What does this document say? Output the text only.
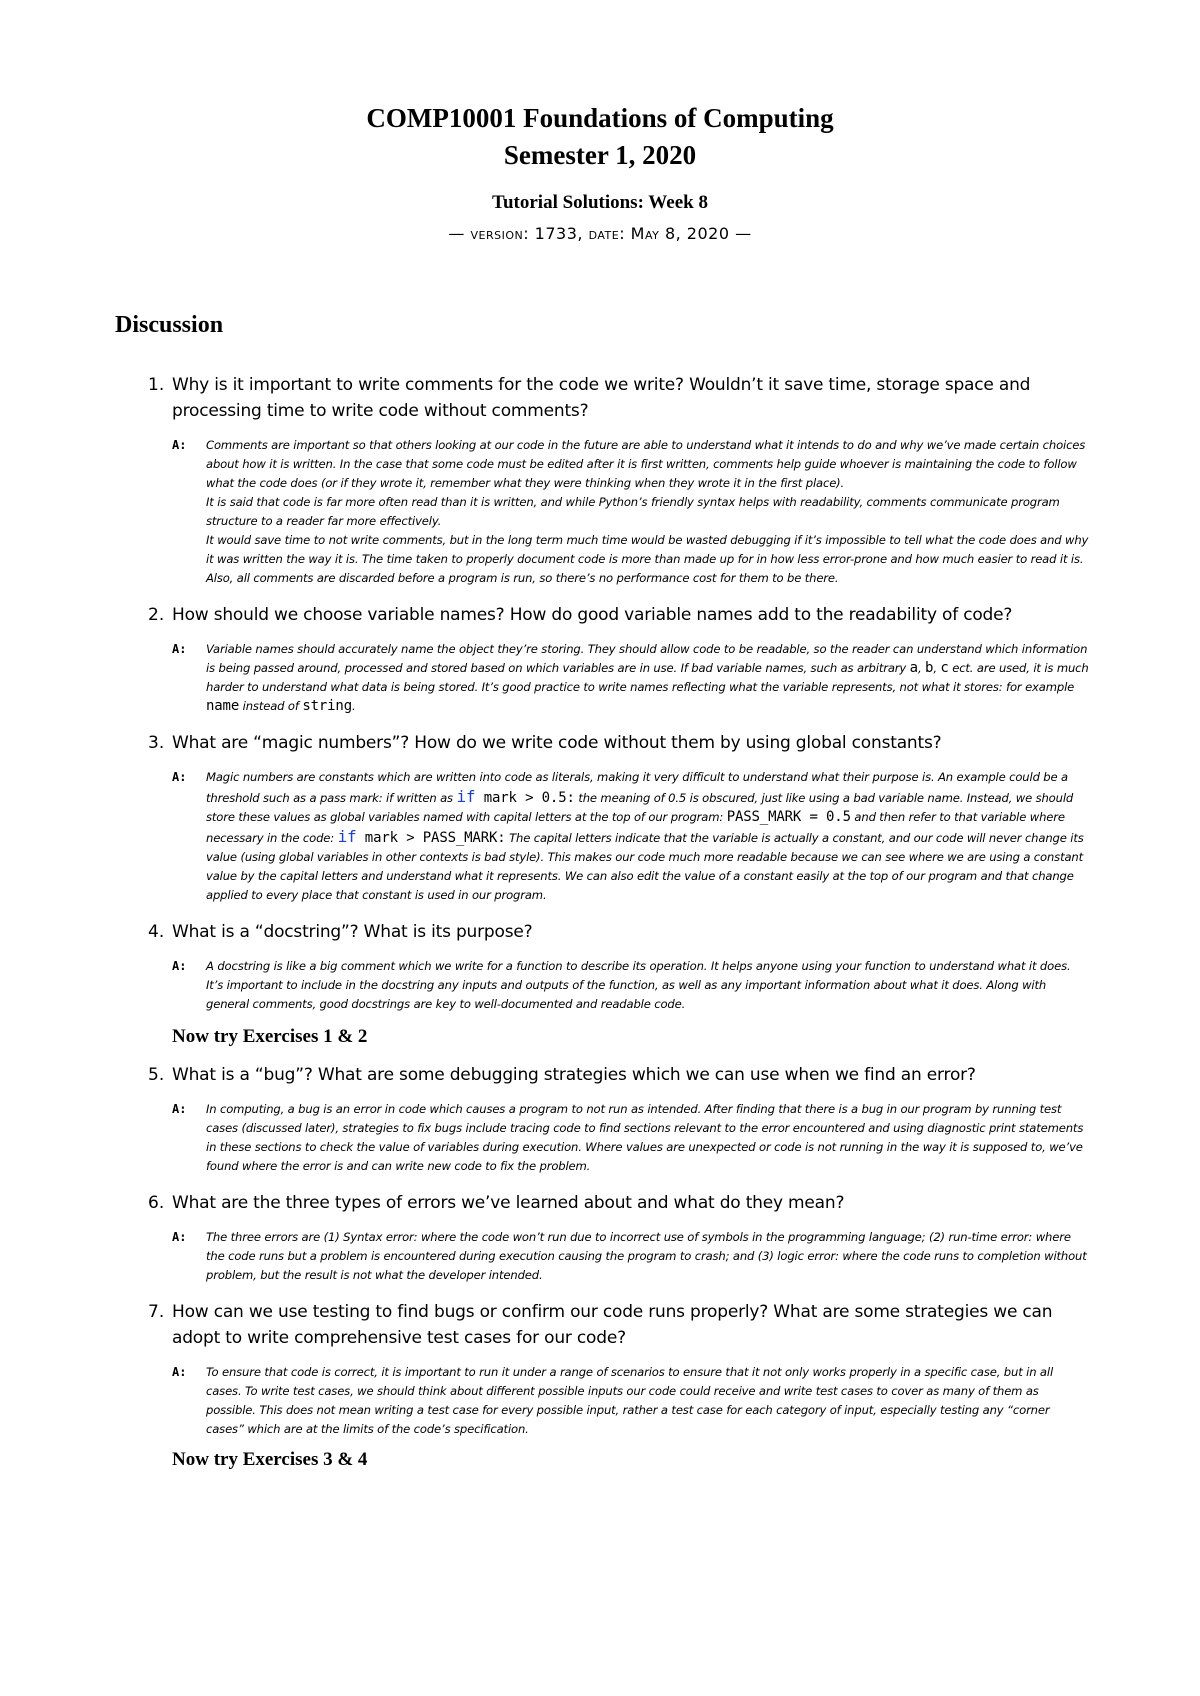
COMP10001 Foundations of Computing
Semester 1, 2020
Tutorial Solutions: Week 8
— version: 1733, date: May 8, 2020 —
Discussion
1. Why is it important to write comments for the code we write? Wouldn’t it save time, storage space and processing time to write code without comments?
A:	Comments are important so that others looking at our code in the future are able to understand what it intends to do and why we’ve made certain choices about how it is written. In the case that some code must be edited after it is first written, comments help guide whoever is maintaining the code to follow what the code does (or if they wrote it, remember what they were thinking when they wrote it in the first place).

It is said that code is far more often read than it is written, and while Python’s friendly syntax helps with readability, comments communicate program structure to a reader far more effectively.

It would save time to not write comments, but in the long term much time would be wasted debugging if it’s impossible to tell what the code does and why it was written the way it is. The time taken to properly document code is more than made up for in how less error-prone and how much easier to read it is. Also, all comments are discarded before a program is run, so there’s no performance cost for them to be there.

2. How should we choose variable names? How do good variable names add to the readability of code?
A:	Variable names should accurately name the object they’re storing. They should allow code to be readable, so the reader can understand which information is being passed around, processed and stored based on which variables are in use. If bad variable names, such as arbitrary a, b, c ect. are used, it is much harder to understand what data is being stored. It’s good practice to write names reflecting what the variable represents, not what it stores: for example name instead of string.
3. What are “magic numbers”? How do we write code without them by using global constants?
A:	Magic numbers are constants which are written into code as literals, making it very difficult to understand what their purpose is. An example could be a threshold such as a pass mark: if written as if mark > 0.5: the meaning of 0.5 is obscured, just like using a bad variable name. Instead, we should store these values as global variables named with capital letters at the top of our program: PASS_MARK = 0.5 and then refer to that variable where necessary in the code: if mark > PASS_MARK: The capital letters indicate that the variable is actually a constant, and our code will never change its value (using global variables in other contexts is bad style). This makes our code much more readable because we can see where we are using a constant value by the capital letters and understand what it represents. We can also edit the value of a constant easily at the top of our program and that change applied to every place that constant is used in our program.
4. What is a “docstring”? What is its purpose?
A:	A docstring is like a big comment which we write for a function to describe its operation. It helps anyone using your function to understand what it does. It’s important to include in the docstring any inputs and outputs of the function, as well as any important information about what it does. Along with general comments, good docstrings are key to well-documented and readable code.

Now try Exercises 1 & 2
5. What is a “bug”? What are some debugging strategies which we can use when we find an error?
A:	In computing, a bug is an error in code which causes a program to not run as intended. After finding that there is a bug in our program by running test cases (discussed later), strategies to fix bugs include tracing code to find sections relevant to the error encountered and using diagnostic print statements in these sections to check the value of variables during execution. Where values are unexpected or code is not running in the way it is supposed to, we’ve found where the error is and can write new code to fix the problem.

6. What are the three types of errors we’ve learned about and what do they mean?
A:	The three errors are (1) Syntax error: where the code won’t run due to incorrect use of symbols in the programming language; (2) run-time error: where the code runs but a problem is encountered during execution causing the program to crash; and (3) logic error: where the code runs to completion without problem, but the result is not what the developer intended.

7. How can we use testing to find bugs or confirm our code runs properly? What are some strategies we can adopt to write comprehensive test cases for our code?
A:	To ensure that code is correct, it is important to run it under a range of scenarios to ensure that it not only works properly in a specific case, but in all cases. To write test cases, we should think about different possible inputs our code could receive and write test cases to cover as many of them as possible. This does not mean writing a test case for every possible input, rather a test case for each category of input, especially testing any “corner cases” which are at the limits of the code’s specification.

Now try Exercises 3 & 4
